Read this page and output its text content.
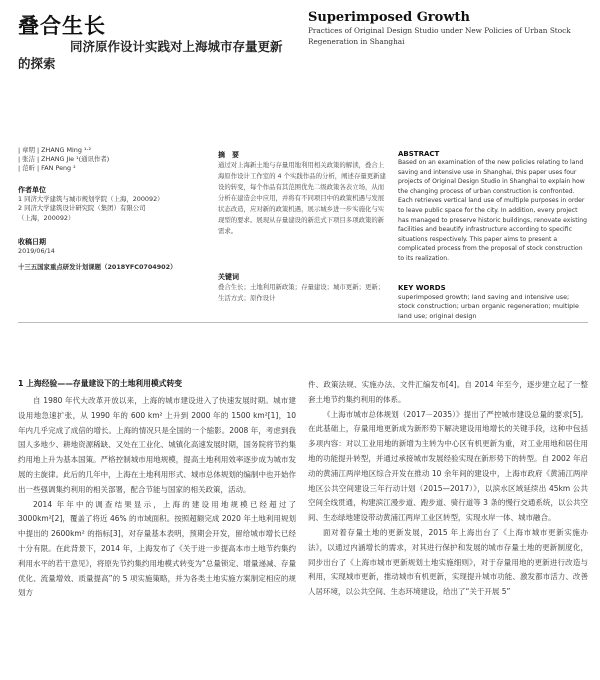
叠合生长
同济原作设计实践对上海城市存量更新
的探索
Superimposed Growth
Practices of Original Design Studio under New Policies of Urban Stock Regeneration in Shanghai
| 章明 | ZHANG Ming ¹·²
| 张洁 | ZHANG Jie ¹(通讯作者)
| 范昕 | FAN Peng ²
作者单位
1 同济大学建筑与城市规划学院（上海，200092）
2 同济大学建筑设计研究院（集团）有限公司
（上海，200092）
收稿日期
2019/06/14
十三五国家重点研发计划课题（2018YFC0704902）
摘　要
通过对上海新土地与存量用地利用相关政策的解读，叠合上海原作设计工作室的 4 个实践作品的分析，阐述存量更新建设的转变，每个作品有其范围优先二级政策各表立场，从而分析在建造会中应用，并将有不同项目中的政策机遇与发展状态改造，应对新的政策机遇，展示城乡进一步实施化与实现型的要求。展现从存量建设的新范式下项目多项政策的新需求。
关键词
叠合生长；土地利用新政策；存量建设；城市更新；更新；生活方式；原作设计
ABSTRACT
Based on an examination of the new policies relating to land saving and intensive use in Shanghai, this paper uses four projects of Original Design Studio in Shanghai to explain how the changing process of urban construction is confronted. Each retrieves vertical land use of multiple purposes in order to leave public space for the city. In addition, every project has managed to preserve historic buildings, renovate existing facilities and beautify infrastructure according to specific situations respectively. This paper aims to present a complicated process from the proposal of stock construction to its realization.
KEY WORDS
superimposed growth; land saving and intensive use; stock construction; urban organic regeneration; multiple land use; original design
1 上海经验——存量建设下的土地利用模式转变

自 1980 年代大改革开放以来，上海的城市建设进入了快速发展时期。城市建设用地急速扩张，从 1990 年的 600 km² 上升到 2000 年的 1500 km²[1]，10 年内几乎完成了成倍的增长。上海的情况只是全国的一个缩影。2008 年，考虑到我国人多地少、耕地资源稀缺、又处在工业化、城镇化高速发展时期，国务院将节约集约用地上升为基本国策。严格控制城市用地规模，提高土地利用效率逐步成为城市发展的主旋律。此后的几年中，上海在土地利用形式、城市总体规划的编制中也开始作出一些强调集约利用的相关部署，配合节能与国家的相关政策，活动。

2014 年年中的调查结果显示，上海的建设用地规模已经超过了 3000km²[2]，覆盖了将近 46% 的市域面积。按照超额完成 2020 年土地利用规划中提出的 2600km² 的指标[3]，对存量基本表明，预期会开发，留给城市增长已经十分有限。在此背景下，2014 年，上海发布了《关于进一步提高本市土地节约集约利用水平的若干意见》，将原先节约集约用地模式转变为“总量锁定、增量递减、存量优化、流量增效、质量提高”的 5 项实施策略，并为各类土地实施方案制定相应的规划方

件、政策法规、实施办法、文件汇编发布[4]。自 2014 年至今，逐步建立起了一整套土地节约集约利用的体系。

《上海市城市总体规划（2017－2035）》提出了严控城市建设总量的要求[5]。在此基础上，存量用地更新成为新形势下解决建设用地增长的关键手段，这种中包括多项内容：对以工业用地的新增为主转为中心区有机更新为重，对工业用地和居住用地的功能提升转型，并通过承接城市发展经验实现在新形势下的转型。自 2002 年启动的黄浦江两岸地区综合开发在推动 10 余年间的建设中，上海市政府《黄浦江两岸地区公共空间建设三年行动计划（2015—2017）》，以滨水区域延续出 45km 公共空间全线贯通，构建滨江漫步道、跑步道、骑行道等 3 条的慢行交通系统，以公共空间、生态绿地建设带动黄浦江两岸工业区转型，实现水岸一体、城市融合。

面对着存量土地的更新发展，2015 年上海出台了《上海市城市更新实施办法》，以通过内涵增长的需求，对其进行保护和发展的城市存量土地的更新制度化，同步出台了《上海市城市更新规划土地实施细则》，对于存量用地的更新进行改造与利用，实现城市更新，推动城市有机更新，实现提升城市功能、激发都市活力、改善人居环境，以公共空间、生态环境建设，给出了“关于开展 5”
